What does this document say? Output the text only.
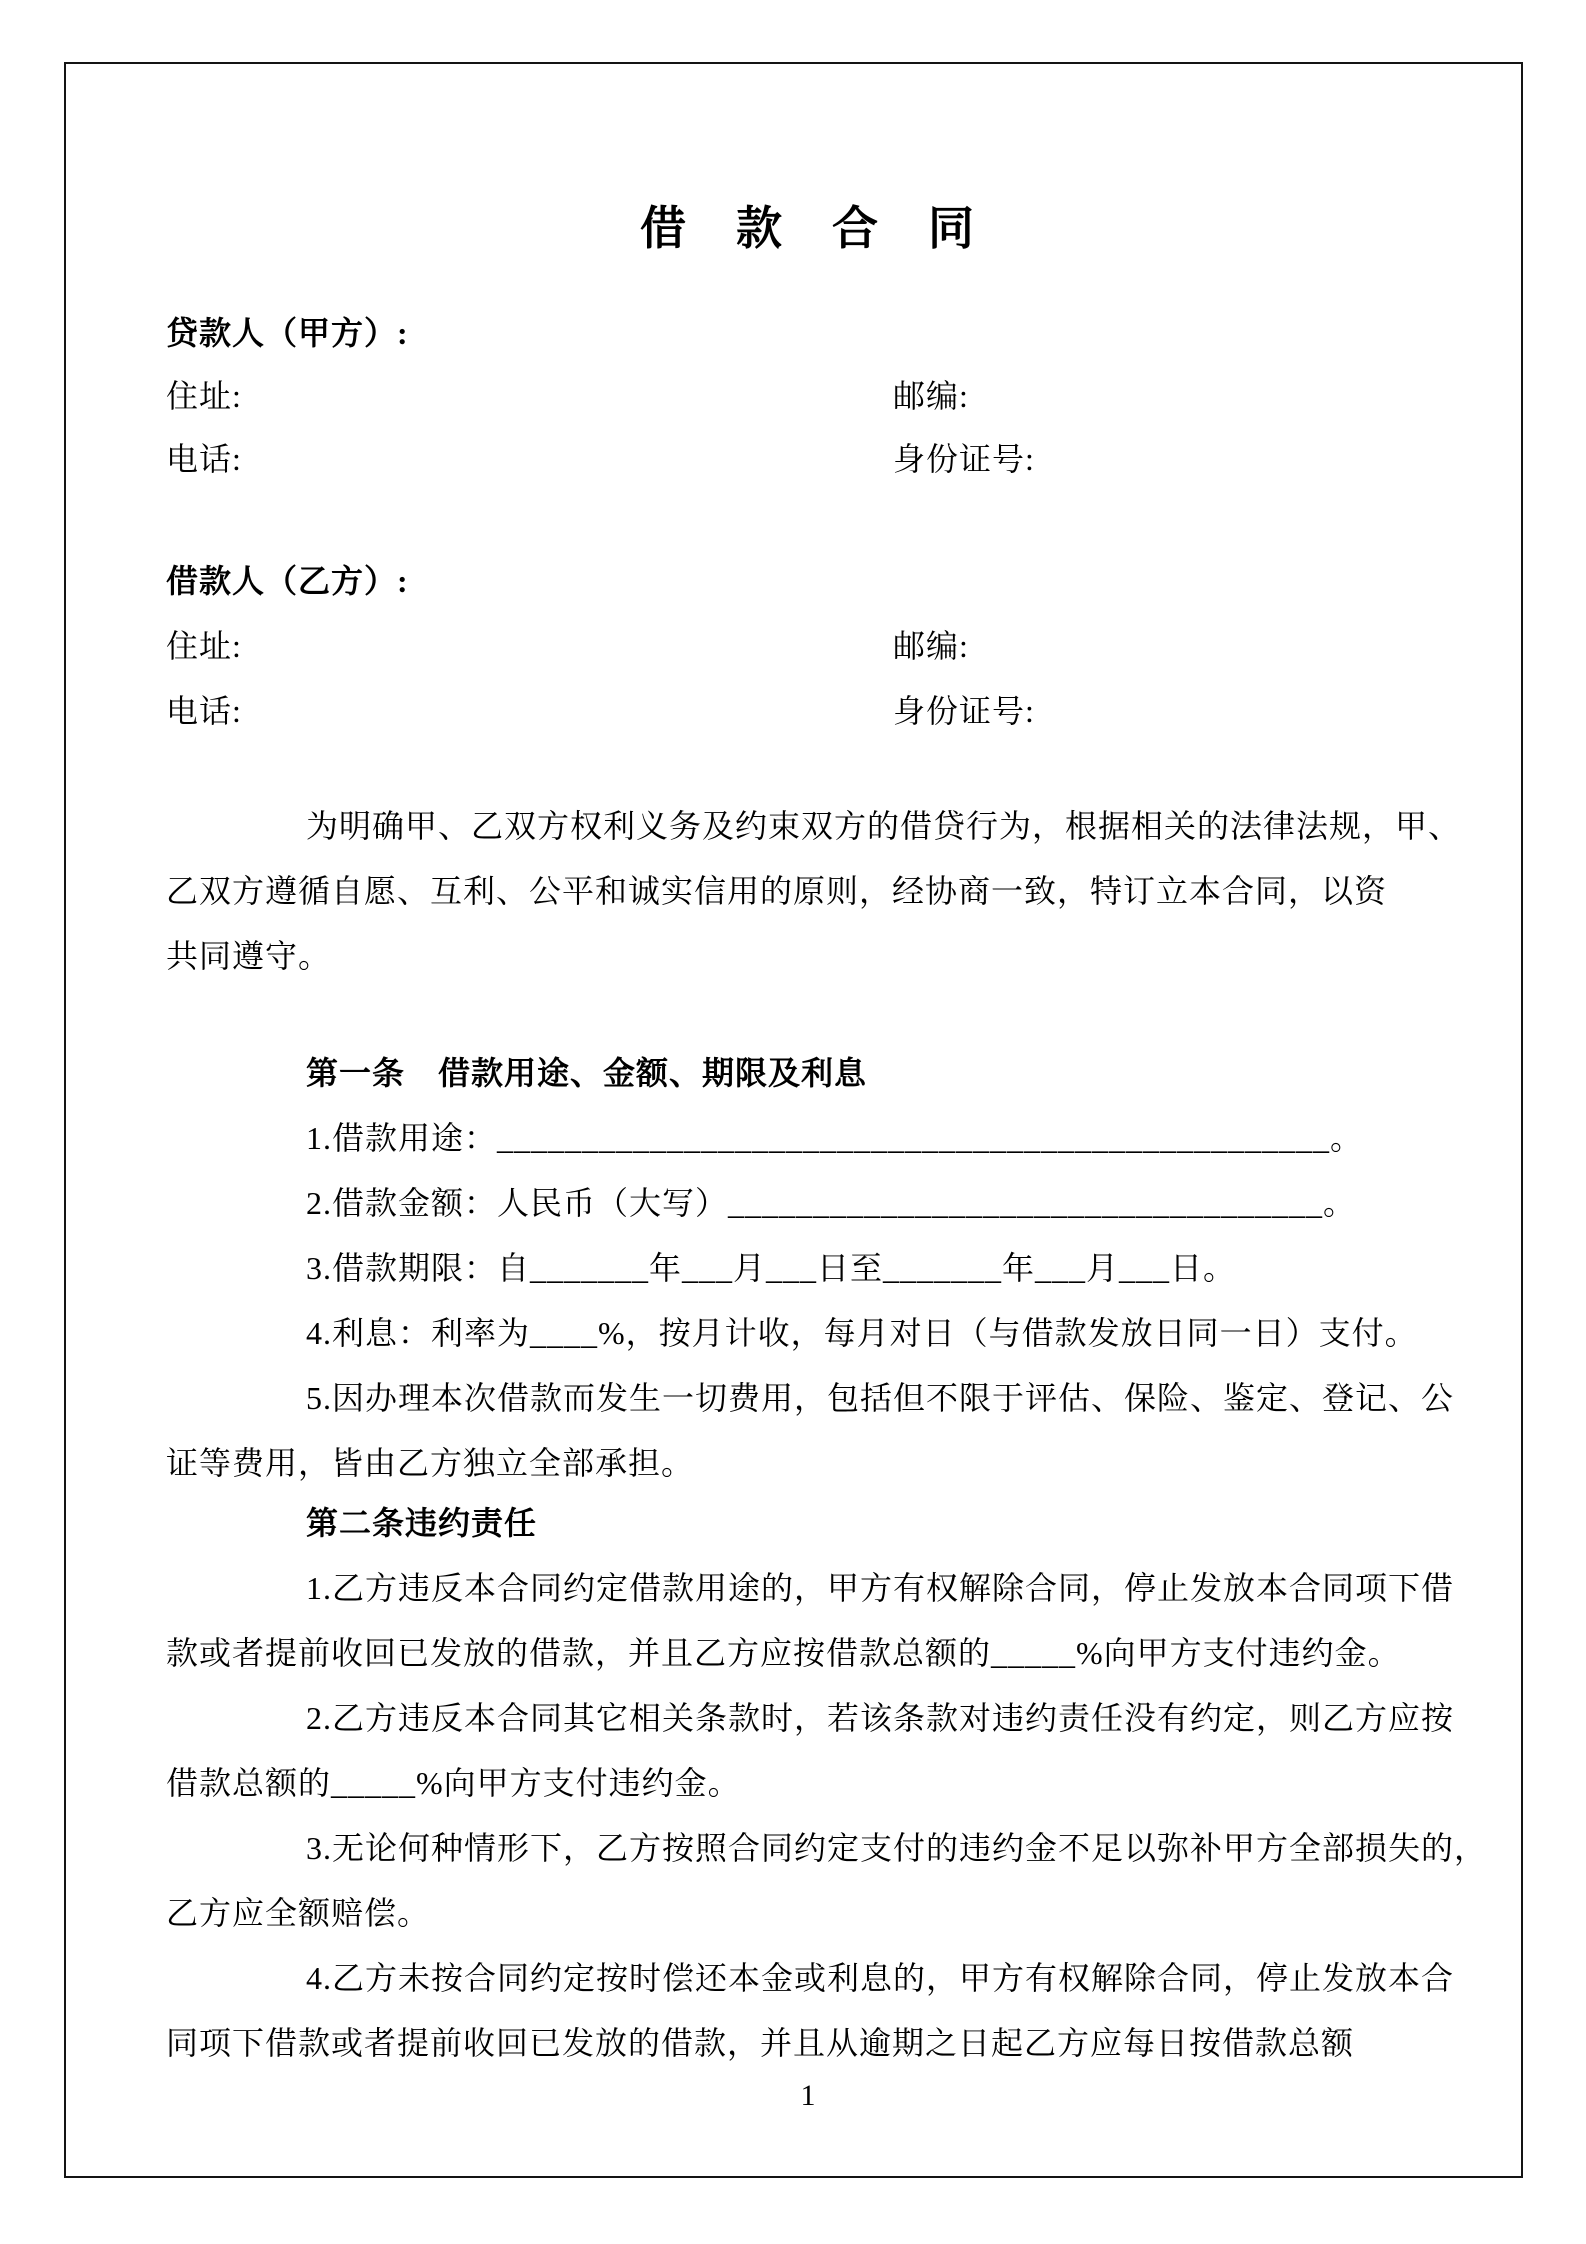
借　款　合　同
贷款人（甲方）:
住址:	邮编:
电话:	身份证号:
借款人（乙方）:
住址:	邮编:
电话:	身份证号:
为明确甲、乙双方权利义务及约束双方的借贷行为，根据相关的法律法规，甲、
乙双方遵循自愿、互利、公平和诚实信用的原则，经协商一致，特订立本合同，以资
共同遵守。
第一条　借款用途、金额、期限及利息
1.借款用途：_________________________________________________。
2.借款金额：人民币（大写）___________________________________。
3.借款期限：自_______年___月___日至_______年___月___日。
4.利息：利率为____%，按月计收，每月对日（与借款发放日同一日）支付。
5.因办理本次借款而发生一切费用，包括但不限于评估、保险、鉴定、登记、公
证等费用，皆由乙方独立全部承担。
第二条违约责任
1.乙方违反本合同约定借款用途的，甲方有权解除合同，停止发放本合同项下借
款或者提前收回已发放的借款，并且乙方应按借款总额的_____%向甲方支付违约金。
2.乙方违反本合同其它相关条款时，若该条款对违约责任没有约定，则乙方应按
借款总额的_____%向甲方支付违约金。
3.无论何种情形下，乙方按照合同约定支付的违约金不足以弥补甲方全部损失的，
乙方应全额赔偿。
4.乙方未按合同约定按时偿还本金或利息的，甲方有权解除合同，停止发放本合
同项下借款或者提前收回已发放的借款，并且从逾期之日起乙方应每日按借款总额
1
